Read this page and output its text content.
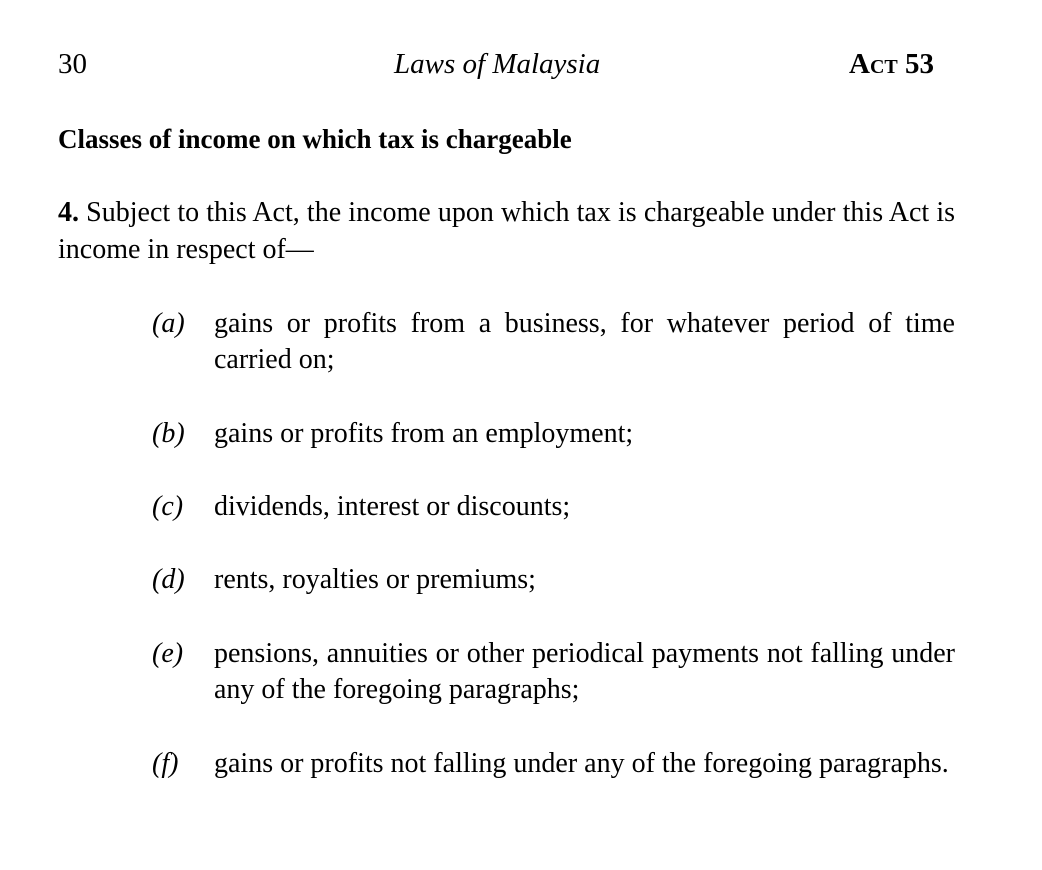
30	Laws of Malaysia	Act 53
Classes of income on which tax is chargeable

4. Subject to this Act, the income upon which tax is chargeable under this Act is income in respect of—

(a)	gains or profits from a business, for whatever period of time carried on;
(b)	gains or profits from an employment;
(c)	dividends, interest or discounts;
(d)	rents, royalties or premiums;
(e)	pensions, annuities or other periodical payments not falling under any of the foregoing paragraphs;
(f)	gains or profits not falling under any of the foregoing paragraphs.
